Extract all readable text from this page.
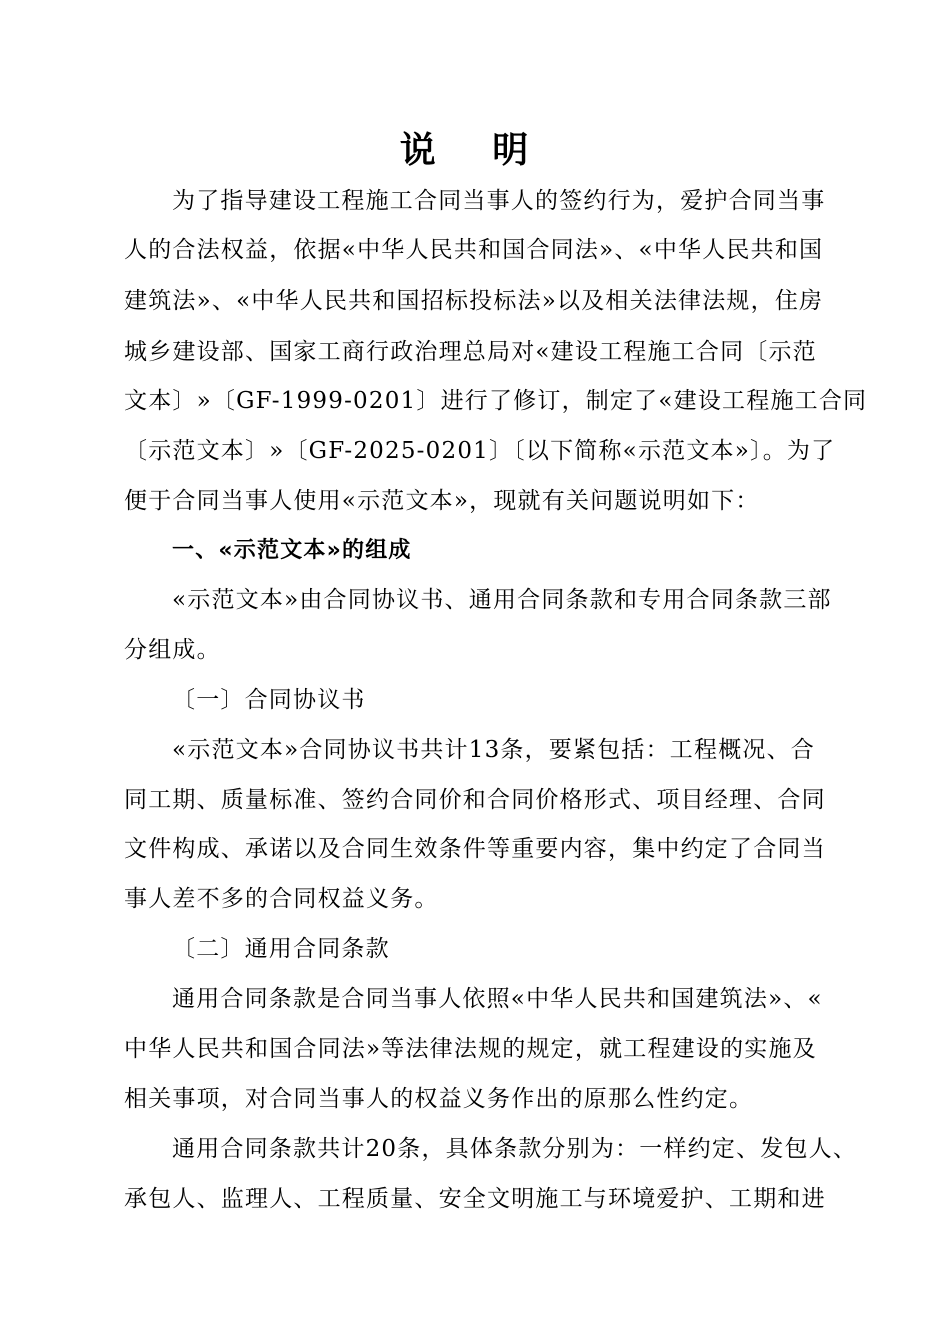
说 明
为了指导建设工程施工合同当事人的签约行为，爱护合同当事
人的合法权益，依据«中华人民共和国合同法»、«中华人民共和国
建筑法»、«中华人民共和国招标投标法»以及相关法律法规，住房
城乡建设部、国家工商行政治理总局对«建设工程施工合同〔示范
文本〕»〔GF-1999-0201〕进行了修订，制定了«建设工程施工合同
〔示范文本〕»〔GF-2025-0201〕〔以下简称«示范文本»〕。为了
便于合同当事人使用«示范文本»，现就有关问题说明如下：
一、«示范文本»的组成
«示范文本»由合同协议书、通用合同条款和专用合同条款三部
分组成。
〔一〕合同协议书
«示范文本»合同协议书共计13条，要紧包括：工程概况、合
同工期、质量标准、签约合同价和合同价格形式、项目经理、合同
文件构成、承诺以及合同生效条件等重要内容，集中约定了合同当
事人差不多的合同权益义务。
〔二〕通用合同条款
通用合同条款是合同当事人依照«中华人民共和国建筑法»、«
中华人民共和国合同法»等法律法规的规定，就工程建设的实施及
相关事项，对合同当事人的权益义务作出的原那么性约定。
通用合同条款共计20条，具体条款分别为：一样约定、发包人、
承包人、监理人、工程质量、安全文明施工与环境爱护、工期和进
